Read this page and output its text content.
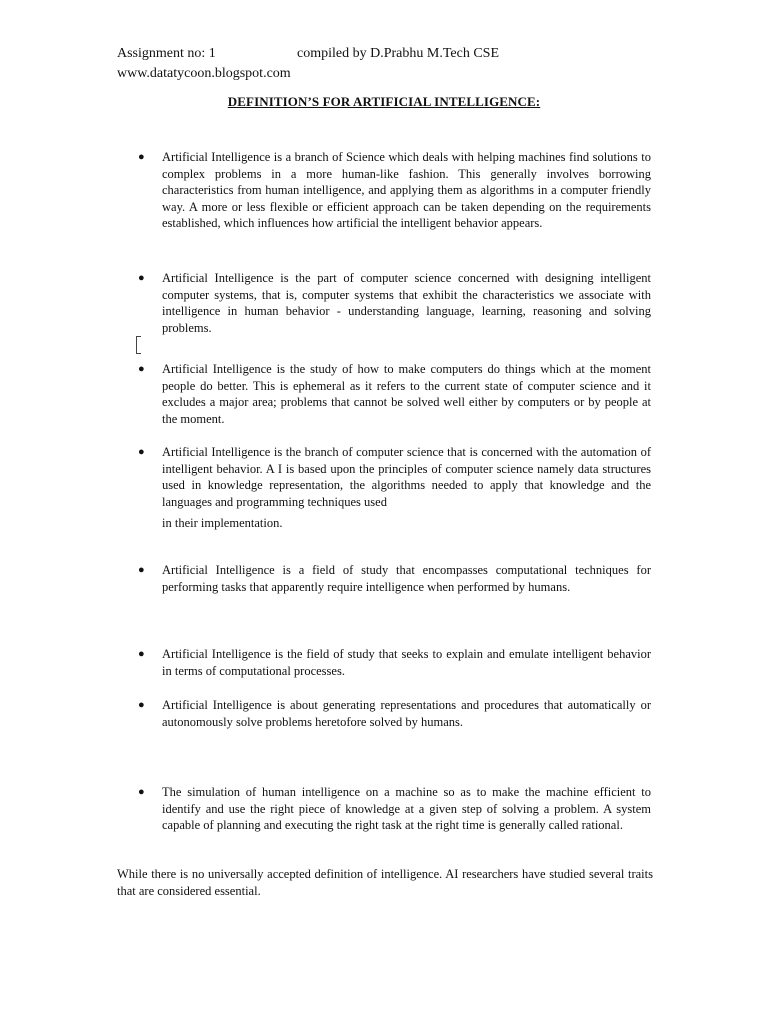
Assignment no: 1	compiled by D.Prabhu M.Tech CSE
www.datatycoon.blogspot.com
DEFINITION’S FOR ARTIFICIAL INTELLIGENCE:
● Artificial Intelligence is a branch of Science which deals with helping machines find solutions to complex problems in a more human-like fashion. This generally involves borrowing characteristics from human intelligence, and applying them as algorithms in a computer friendly way. A more or less flexible or efficient approach can be taken depending on the requirements established, which influences how artificial the intelligent behavior appears.
● Artificial Intelligence is the part of computer science concerned with designing intelligent computer systems, that is, computer systems that exhibit the characteristics we associate with intelligence in human behavior - understanding language, learning, reasoning and solving problems.
● Artificial Intelligence is the study of how to make computers do things which at the moment people do better. This is ephemeral as it refers to the current state of computer science and it excludes a major area; problems that cannot be solved well either by computers or by people at the moment.
● Artificial Intelligence is the branch of computer science that is concerned with the automation of intelligent behavior. A I is based upon the principles of computer science namely data structures used in knowledge representation, the algorithms needed to apply that knowledge and the languages and programming techniques used
in their implementation.
● Artificial Intelligence is a field of study that encompasses computational techniques for performing tasks that apparently require intelligence when performed by humans.
● Artificial Intelligence is the field of study that seeks to explain and emulate intelligent behavior in terms of computational processes.
● Artificial Intelligence is about generating representations and procedures that automatically or autonomously solve problems heretofore solved by humans.
● The simulation of human intelligence on a machine so as to make the machine efficient to identify and use the right piece of knowledge at a given step of solving a problem. A system capable of planning and executing the right task at the right time is generally called rational.
While there is no universally accepted definition of intelligence. AI researchers have studied several traits that are considered essential.
